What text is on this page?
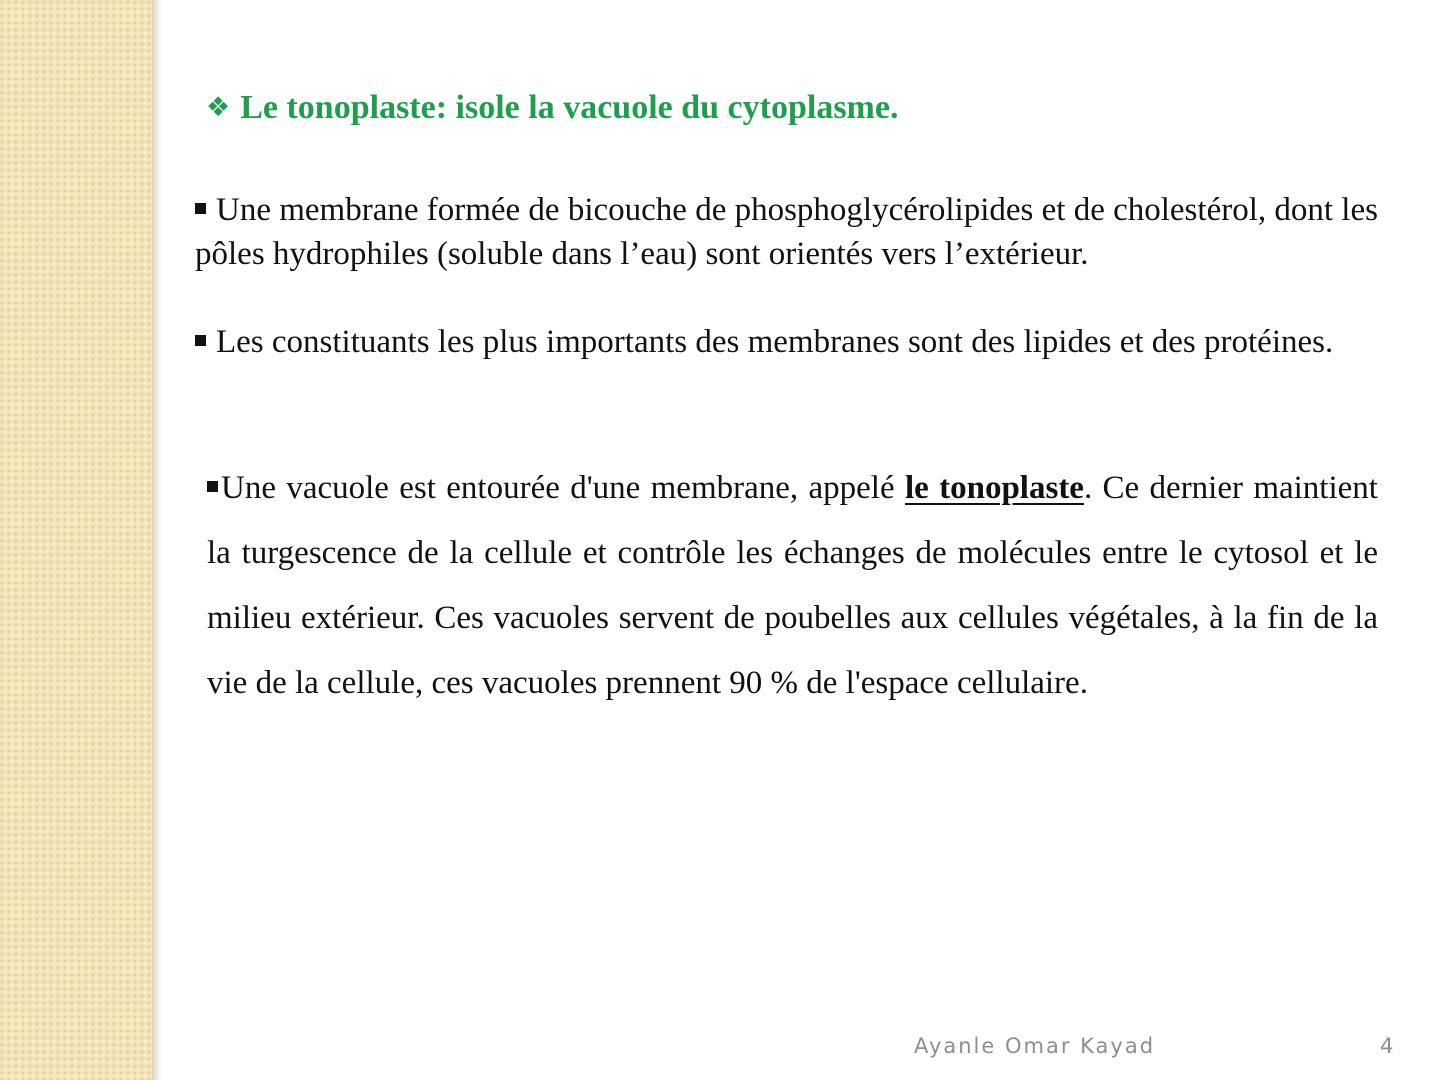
❖ Le tonoplaste: isole la vacuole du cytoplasme.
Une membrane formée de bicouche de phosphoglycérolipides et de cholestérol, dont les pôles hydrophiles (soluble dans l’eau) sont orientés vers l’extérieur.
Les constituants les plus importants des membranes sont des lipides et des protéines.
Une vacuole est entourée d'une membrane, appelé le tonoplaste. Ce dernier maintient la turgescence de la cellule et contrôle les échanges de molécules entre le cytosol et le milieu extérieur. Ces vacuoles servent de poubelles aux cellules végétales, à la fin de la vie de la cellule, ces vacuoles prennent 90 % de l'espace cellulaire.
Ayanle Omar Kayad	4
